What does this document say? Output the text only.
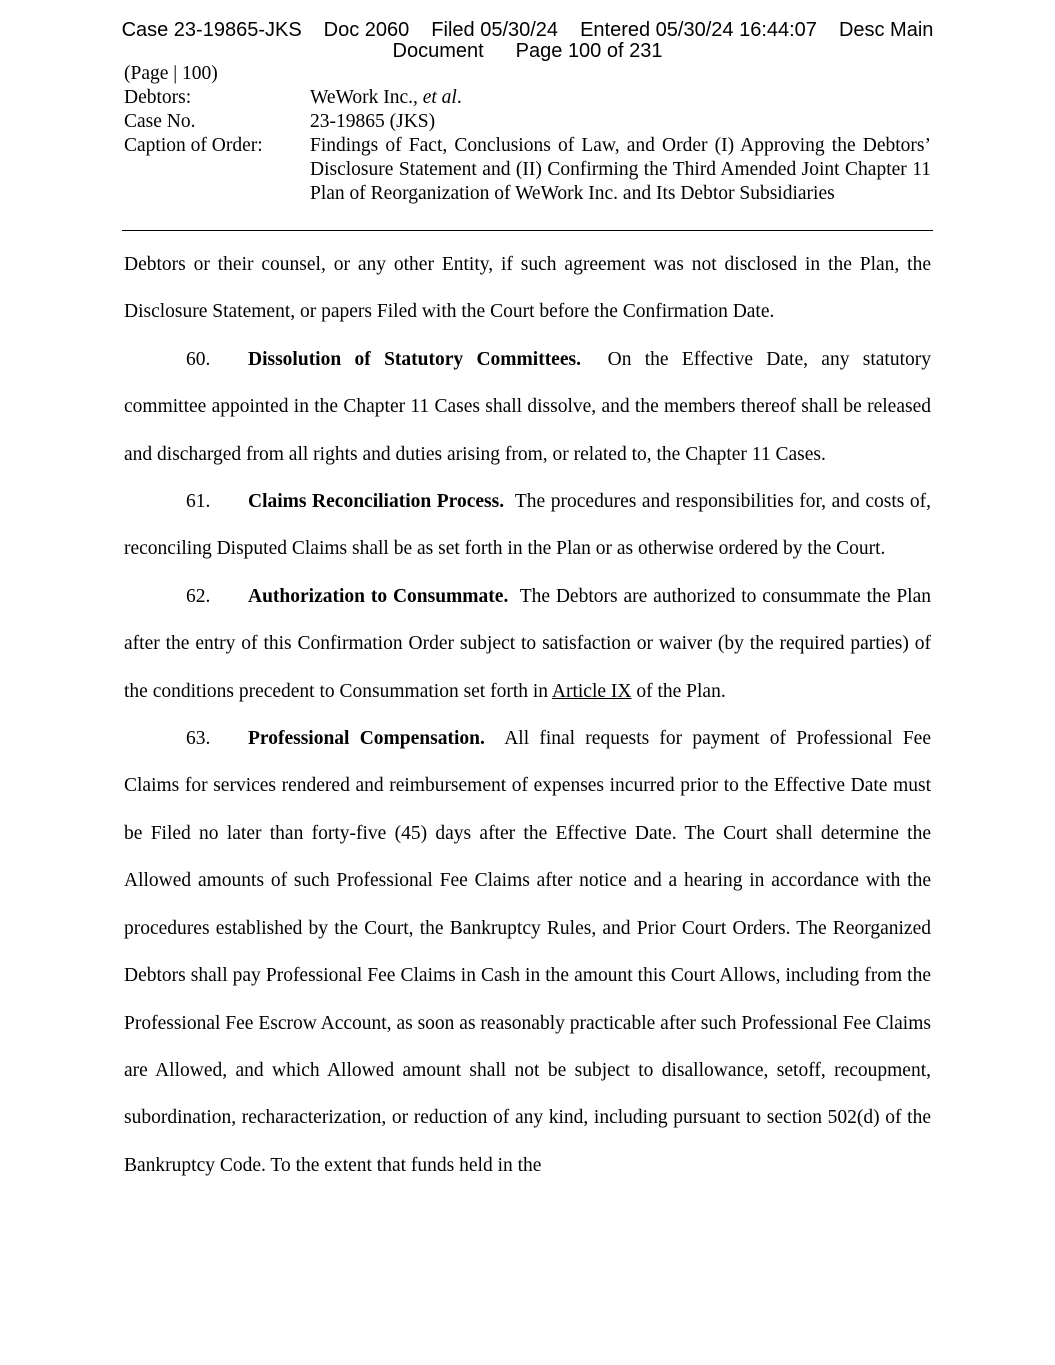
Case 23-19865-JKS Doc 2060 Filed 05/30/24 Entered 05/30/24 16:44:07 Desc Main
Document Page 100 of 231
(Page | 100)
Debtors:	WeWork Inc., et al.
Case No.	23-19865 (JKS)
Caption of Order:	Findings of Fact, Conclusions of Law, and Order (I) Approving the Debtors’ Disclosure Statement and (II) Confirming the Third Amended Joint Chapter 11 Plan of Reorganization of WeWork Inc. and Its Debtor Subsidiaries

Debtors or their counsel, or any other Entity, if such agreement was not disclosed in the Plan, the Disclosure Statement, or papers Filed with the Court before the Confirmation Date.

60. Dissolution of Statutory Committees. On the Effective Date, any statutory committee appointed in the Chapter 11 Cases shall dissolve, and the members thereof shall be released and discharged from all rights and duties arising from, or related to, the Chapter 11 Cases.

61. Claims Reconciliation Process. The procedures and responsibilities for, and costs of, reconciling Disputed Claims shall be as set forth in the Plan or as otherwise ordered by the Court.

62. Authorization to Consummate. The Debtors are authorized to consummate the Plan after the entry of this Confirmation Order subject to satisfaction or waiver (by the required parties) of the conditions precedent to Consummation set forth in Article IX of the Plan.

63. Professional Compensation. All final requests for payment of Professional Fee Claims for services rendered and reimbursement of expenses incurred prior to the Effective Date must be Filed no later than forty-five (45) days after the Effective Date. The Court shall determine the Allowed amounts of such Professional Fee Claims after notice and a hearing in accordance with the procedures established by the Court, the Bankruptcy Rules, and Prior Court Orders. The Reorganized Debtors shall pay Professional Fee Claims in Cash in the amount this Court Allows, including from the Professional Fee Escrow Account, as soon as reasonably practicable after such Professional Fee Claims are Allowed, and which Allowed amount shall not be subject to disallowance, setoff, recoupment, subordination, recharacterization, or reduction of any kind, including pursuant to section 502(d) of the Bankruptcy Code. To the extent that funds held in the
